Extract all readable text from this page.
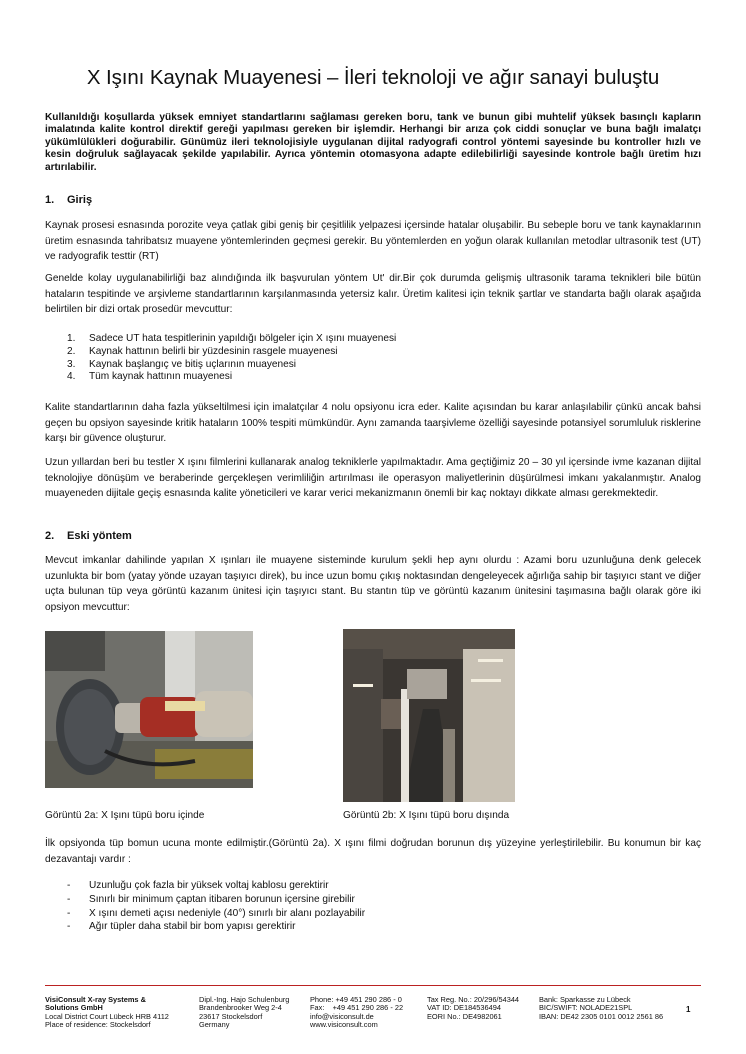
X Işını Kaynak Muayenesi – İleri teknoloji ve ağır sanayi buluştu

Kullanıldığı koşullarda yüksek emniyet standartlarını sağlaması gereken boru, tank ve bunun gibi muhtelif yüksek basınçlı kapların imalatında kalite kontrol direktif gereği yapılması gereken bir işlemdir. Herhangi bir arıza çok ciddi sonuçlar ve buna bağlı imalatçı yükümlülükleri doğurabilir. Günümüz ileri teknolojisiyle uygulanan dijital radyografi control yöntemi sayesinde bu kontroller hızlı ve kesin doğruluk sağlayacak şekilde yapılabilir. Ayrıca yöntemin otomasyona adapte edilebilirliği sayesinde kontrole bağlı üretim hızı artırılabilir.

1. Giriş

Kaynak prosesi esnasında porozite veya çatlak gibi geniş bir çeşitlilik yelpazesi içersinde hatalar oluşabilir. Bu sebeple boru ve tank kaynaklarının üretim esnasında tahribatsız muayene yöntemlerinden geçmesi gerekir. Bu yöntemlerden en yoğun olarak kullanılan metodlar ultrasonik test (UT) ve radyografik testtir (RT)

Genelde kolay uygulanabilirliği baz alındığında ilk başvurulan yöntem Ut' dir.Bir çok durumda gelişmiş ultrasonik tarama teknikleri bile bütün hataların tespitinde ve arşivleme standartlarının karşılanmasında yetersiz kalır. Üretim kalitesi için teknik şartlar ve standarta bağlı olarak aşağıda belirtilen bir dizi ortak prosedür mevcuttur:

1. Sadece UT hata tespitlerinin yapıldığı bölgeler için X ışını muayenesi
2. Kaynak hattının belirli bir yüzdesinin rasgele muayenesi
3. Kaynak başlangıç ve bitiş uçlarının muayenesi
4. Tüm kaynak hattının muayenesi

Kalite standartlarının daha fazla yükseltilmesi için imalatçılar 4 nolu opsiyonu icra eder. Kalite açısından bu karar anlaşılabilir çünkü ancak bahsi geçen bu opsiyon sayesinde kritik hataların 100% tespiti mümkündür. Aynı zamanda taarşivleme özelliği sayesinde potansiyel sorumluluk risklerine karşı bir güvence oluşturur.

Uzun yıllardan beri bu testler X ışını filmlerini kullanarak analog tekniklerle yapılmaktadır. Ama geçtiğimiz 20 – 30 yıl içersinde ivme kazanan dijital teknolojiye dönüşüm ve beraberinde gerçekleşen verimliliğin artırılması ile operasyon maliyetlerinin düşürülmesi imkanı yakalanmıştır. Analog muayeneden dijitale geçiş esnasında kalite yöneticileri ve karar verici mekanizmanın önemli bir kaç noktayı dikkate alması gerekmektedir.

2. Eski yöntem

Mevcut imkanlar dahilinde yapılan X ışınları ile muayene sisteminde kurulum şekli hep aynı olurdu : Azami boru uzunluğuna denk gelecek uzunlukta bir bom (yatay yönde uzayan taşıyıcı direk), bu ince uzun bomu çıkış noktasından dengeleyecek ağırlığa sahip bir taşıyıcı stant ve diğer uçta bulunan tüp veya görüntü kazanım ünitesi için taşıyıcı stant. Bu stantın tüp ve görüntü kazanım ünitesini taşımasına bağlı olarak göre iki opsiyon mevcuttur:

Görüntü 2a: X Işını tüpü boru içinde	Görüntü 2b: X Işını tüpü boru dışında

İlk opsiyonda tüp bomun ucuna monte edilmiştir.(Görüntü 2a). X ışını filmi doğrudan borunun dış yüzeyine yerleştirilebilir. Bu konumun bir kaç dezavantajı vardır :

- Uzunluğu çok fazla bir yüksek voltaj kablosu gerektirir
- Sınırlı bir minimum çaptan itibaren borunun içersine girebilir
- X ışını demeti açısı nedeniyle (40°) sınırlı bir alanı pozlayabilir
- Ağır tüpler daha stabil bir bom yapısı gerektirir
VisiConsult X-ray Systems &
Solutions GmbH
Local District Court Lübeck HRB 4112
Place of residence: Stockelsdorf
Dipl.-Ing. Hajo Schulenburg
Brandenbrooker Weg 2-4
23617 Stockelsdorf
Germany
Phone: +49 451 290 286 - 0
Fax:    +49 451 290 286 - 22
info@visiconsult.de
www.visiconsult.com
Tax Reg. No.: 20/296/54344
VAT ID: DE184536494
EORI No.: DE4982061
Bank: Sparkasse zu Lübeck
BIC/SWIFT: NOLADE21SPL
IBAN: DE42 2305 0101 0012 2561 86
1
